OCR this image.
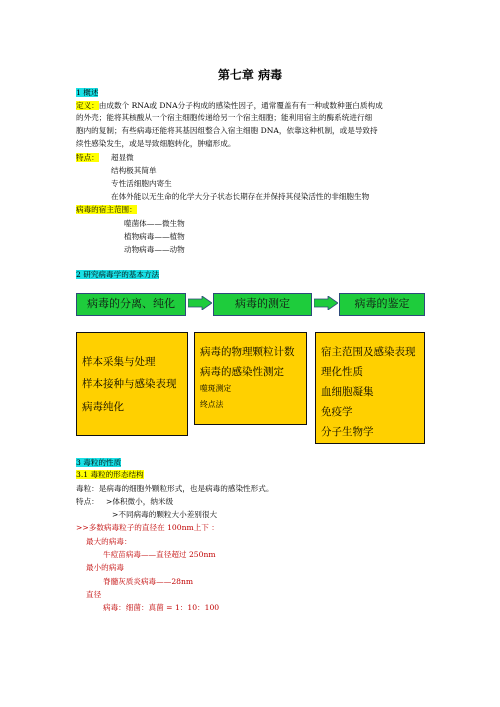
第七章 病毒
1 概述
定义：由成数个 RNA或 DNA分子构成的感染性因子，通常覆盖有有一种或数种蛋白质构成
的外壳；能将其核酸从一个宿主细胞传递给另一个宿主细胞；能利用宿主的酶系统进行细
胞内的复制；有些病毒还能将其基因组整合入宿主细胞 DNA，依靠这种机制，或是导致持
续性感染发生，或是导致细胞转化，肿瘤形成。
特点： 超显微
结构极其简单
专性活细胞内寄生
在体外能以无生命的化学大分子状态长期存在并保持其侵染活性的非细胞生物
病毒的宿主范围：
噬菌体——微生物
植物病毒——植物
动物病毒——动物
2 研究病毒学的基本方法
病毒的分离、纯化	病毒的测定	病毒的鉴定
样本采集与处理
样本接种与感染表现
病毒纯化
病毒的物理颗粒计数
病毒的感染性测定
噬斑测定
终点法
宿主范围及感染表现
理化性质
血细胞凝集
免疫学
分子生物学
3 毒粒的性质
3.1 毒粒的形态结构
毒粒：是病毒的细胞外颗粒形式，也是病毒的感染性形式。
特点： >体积微小，纳米级
>不同病毒的颗粒大小差别很大
>>多数病毒粒子的直径在 100nm上下 ：
最大的病毒：
牛痘苗病毒——直径超过 250nm
最小的病毒
脊髓灰质炎病毒——28nm
直径
病毒：细菌：真菌 = 1：10：100
